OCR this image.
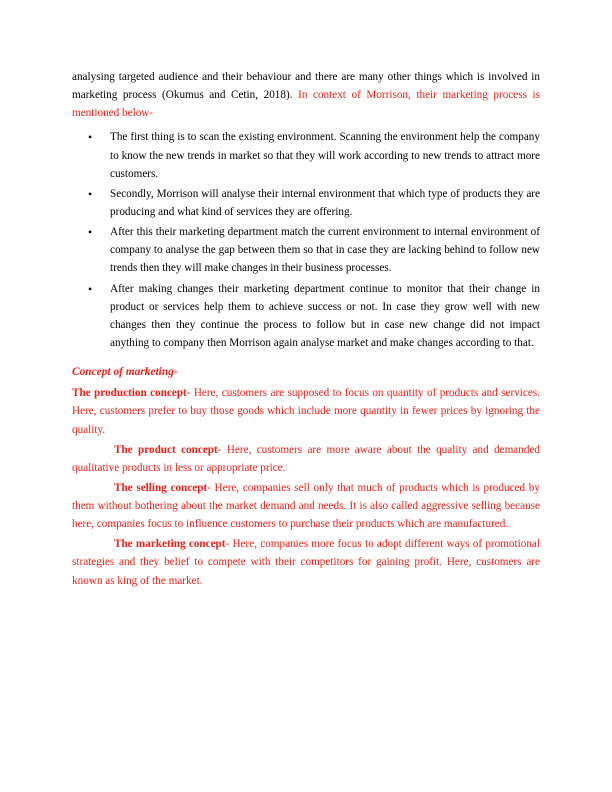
analysing targeted audience and their behaviour and there are many other things which is involved in marketing process (Okumus and Cetin, 2018). In context of Morrison, their marketing process is mentioned below-

• The first thing is to scan the existing environment. Scanning the environment help the company to know the new trends in market so that they will work according to new trends to attract more customers.
• Secondly, Morrison will analyse their internal environment that which type of products they are producing and what kind of services they are offering.
• After this their marketing department match the current environment to internal environment of company to analyse the gap between them so that in case they are lacking behind to follow new trends then they will make changes in their business processes.
• After making changes their marketing department continue to monitor that their change in product or services help them to achieve success or not. In case they grow well with new changes then they continue the process to follow but in case new change did not impact anything to company then Morrison again analyse market and make changes according to that.
Concept of marketing-

The production concept- Here, customers are supposed to focus on quantity of products and services. Here, customers prefer to buy those goods which include more quantity in fewer prices by ignoring the quality.

The product concept- Here, customers are more aware about the quality and demanded qualitative products in less or appropriate price.

The selling concept- Here, companies sell only that much of products which is produced by them without bothering about the market demand and needs. It is also called aggressive selling because here, companies focus to influence customers to purchase their products which are manufactured.

The marketing concept- Here, companies more focus to adopt different ways of promotional strategies and they belief to compete with their competitors for gaining profit. Here, customers are known as king of the market.
